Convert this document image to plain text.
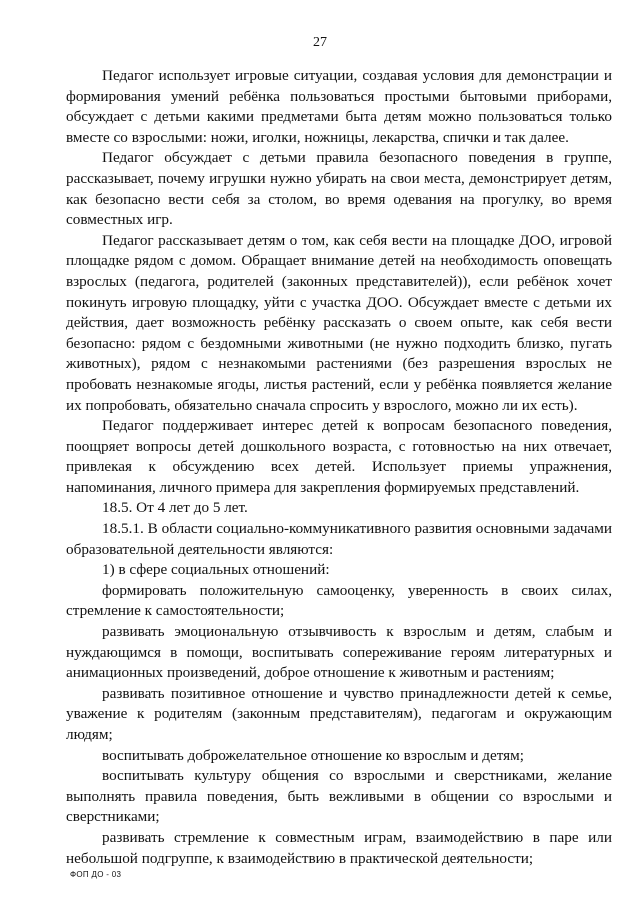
27

Педагог использует игровые ситуации, создавая условия для демонстрации и формирования умений ребёнка пользоваться простыми бытовыми приборами, обсуждает с детьми какими предметами быта детям можно пользоваться только вместе со взрослыми: ножи, иголки, ножницы, лекарства, спички и так далее.

Педагог обсуждает с детьми правила безопасного поведения в группе, рассказывает, почему игрушки нужно убирать на свои места, демонстрирует детям, как безопасно вести себя за столом, во время одевания на прогулку, во время совместных игр.

Педагог рассказывает детям о том, как себя вести на площадке ДОО, игровой площадке рядом с домом. Обращает внимание детей на необходимость оповещать взрослых (педагога, родителей (законных представителей)), если ребёнок хочет покинуть игровую площадку, уйти с участка ДОО. Обсуждает вместе с детьми их действия, дает возможность ребёнку рассказать о своем опыте, как себя вести безопасно: рядом с бездомными животными (не нужно подходить близко, пугать животных), рядом с незнакомыми растениями (без разрешения взрослых не пробовать незнакомые ягоды, листья растений, если у ребёнка появляется желание их попробовать, обязательно сначала спросить у взрослого, можно ли их есть).

Педагог поддерживает интерес детей к вопросам безопасного поведения, поощряет вопросы детей дошкольного возраста, с готовностью на них отвечает, привлекая к обсуждению всех детей. Использует приемы упражнения, напоминания, личного примера для закрепления формируемых представлений.

18.5. От 4 лет до 5 лет.

18.5.1. В области социально-коммуникативного развития основными задачами образовательной деятельности являются:

1) в сфере социальных отношений:

формировать положительную самооценку, уверенность в своих силах, стремление к самостоятельности;

развивать эмоциональную отзывчивость к взрослым и детям, слабым и нуждающимся в помощи, воспитывать сопереживание героям литературных и анимационных произведений, доброе отношение к животным и растениям;

развивать позитивное отношение и чувство принадлежности детей к семье, уважение к родителям (законным представителям), педагогам и окружающим людям;

воспитывать доброжелательное отношение ко взрослым и детям;

воспитывать культуру общения со взрослыми и сверстниками, желание выполнять правила поведения, быть вежливыми в общении со взрослыми и сверстниками;

развивать стремление к совместным играм, взаимодействию в паре или небольшой подгруппе, к взаимодействию в практической деятельности;

ФОП ДО - 03
